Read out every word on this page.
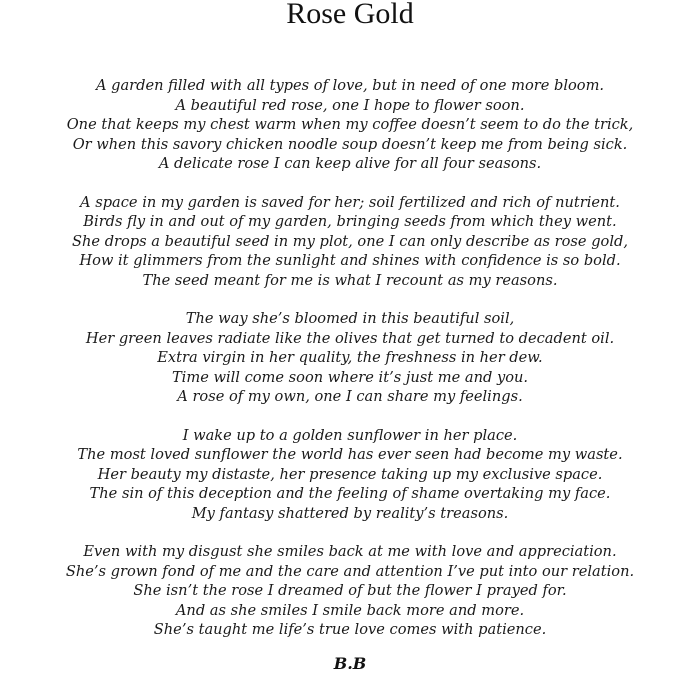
Rose Gold
A garden filled with all types of love, but in need of one more bloom.
A beautiful red rose, one I hope to flower soon.
One that keeps my chest warm when my coffee doesn’t seem to do the trick,
Or when this savory chicken noodle soup doesn’t keep me from being sick.
A delicate rose I can keep alive for all four seasons.
A space in my garden is saved for her; soil fertilized and rich of nutrient.
Birds fly in and out of my garden, bringing seeds from which they went.
She drops a beautiful seed in my plot, one I can only describe as rose gold,
How it glimmers from the sunlight and shines with confidence is so bold.
The seed meant for me is what I recount as my reasons.
The way she’s bloomed in this beautiful soil,
Her green leaves radiate like the olives that get turned to decadent oil.
Extra virgin in her quality, the freshness in her dew.
Time will come soon where it’s just me and you.
A rose of my own, one I can share my feelings.
I wake up to a golden sunflower in her place.
The most loved sunflower the world has ever seen had become my waste.
Her beauty my distaste, her presence taking up my exclusive space.
The sin of this deception and the feeling of shame overtaking my face.
My fantasy shattered by reality’s treasons.
Even with my disgust she smiles back at me with love and appreciation.
She’s grown fond of me and the care and attention I’ve put into our relation.
She isn’t the rose I dreamed of but the flower I prayed for.
And as she smiles I smile back more and more.
She’s taught me life’s true love comes with patience.
B.B
